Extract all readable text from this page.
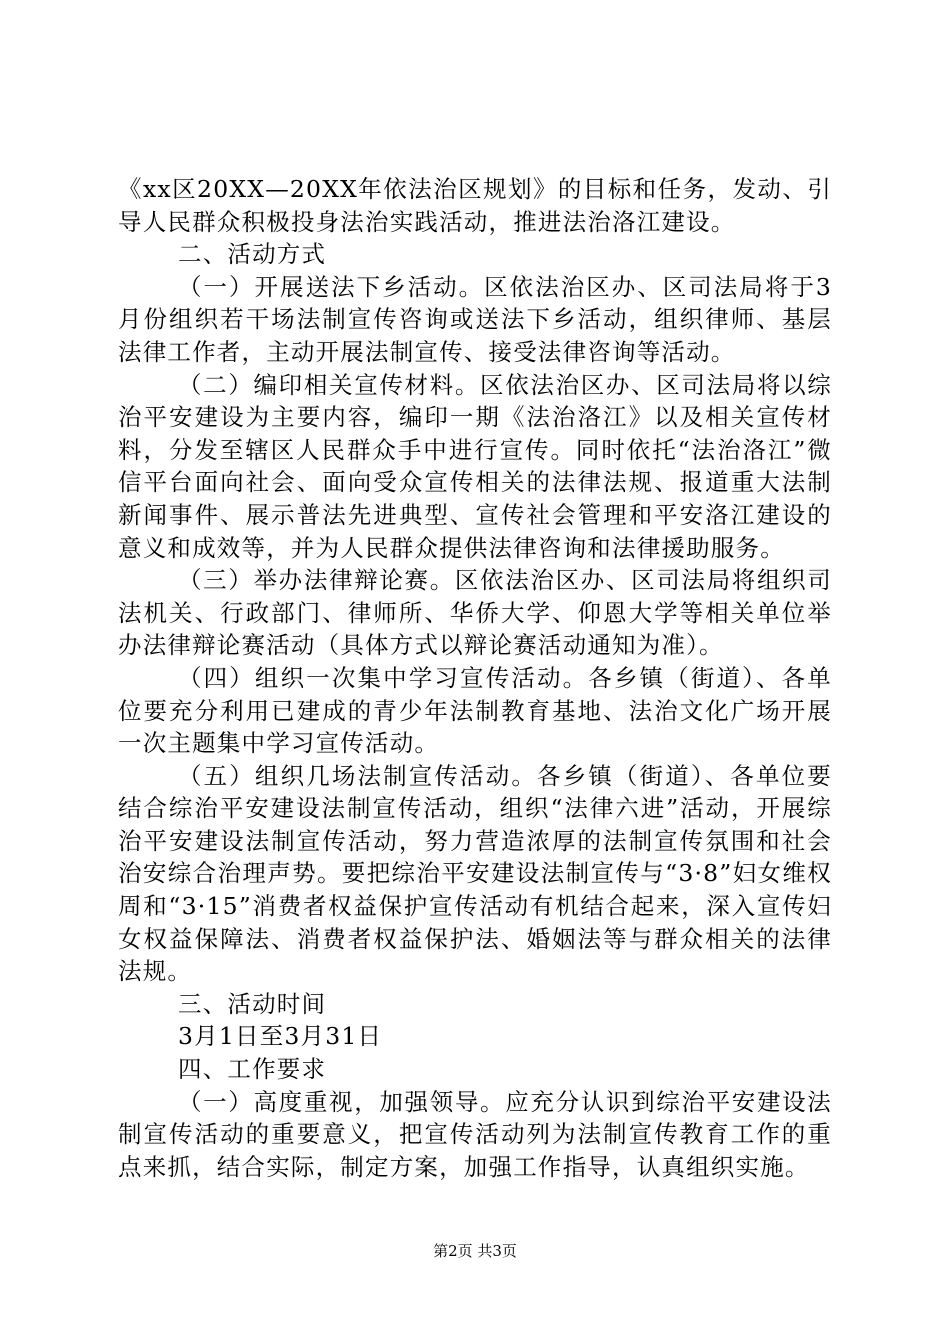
《xx区20XX—20XX年依法治区规划》的目标和任务，发动、引导人民群众积极投身法治实践活动，推进法治洛江建设。

二、活动方式

（一）开展送法下乡活动。区依法治区办、区司法局将于3月份组织若干场法制宣传咨询或送法下乡活动，组织律师、基层法律工作者，主动开展法制宣传、接受法律咨询等活动。

（二）编印相关宣传材料。区依法治区办、区司法局将以综治平安建设为主要内容，编印一期《法治洛江》以及相关宣传材料，分发至辖区人民群众手中进行宣传。同时依托“法治洛江”微信平台面向社会、面向受众宣传相关的法律法规、报道重大法制新闻事件、展示普法先进典型、宣传社会管理和平安洛江建设的意义和成效等，并为人民群众提供法律咨询和法律援助服务。

（三）举办法律辩论赛。区依法治区办、区司法局将组织司法机关、行政部门、律师所、华侨大学、仰恩大学等相关单位举办法律辩论赛活动（具体方式以辩论赛活动通知为准）。

（四）组织一次集中学习宣传活动。各乡镇（街道）、各单位要充分利用已建成的青少年法制教育基地、法治文化广场开展一次主题集中学习宣传活动。

（五）组织几场法制宣传活动。各乡镇（街道）、各单位要结合综治平安建设法制宣传活动，组织“法律六进”活动，开展综治平安建设法制宣传活动，努力营造浓厚的法制宣传氛围和社会治安综合治理声势。要把综治平安建设法制宣传与“3·8”妇女维权周和“3·15”消费者权益保护宣传活动有机结合起来，深入宣传妇女权益保障法、消费者权益保护法、婚姻法等与群众相关的法律法规。

三、活动时间

3月1日至3月31日

四、工作要求

（一）高度重视，加强领导。应充分认识到综治平安建设法制宣传活动的重要意义，把宣传活动列为法制宣传教育工作的重点来抓，结合实际，制定方案，加强工作指导，认真组织实施。

第2页 共3页
